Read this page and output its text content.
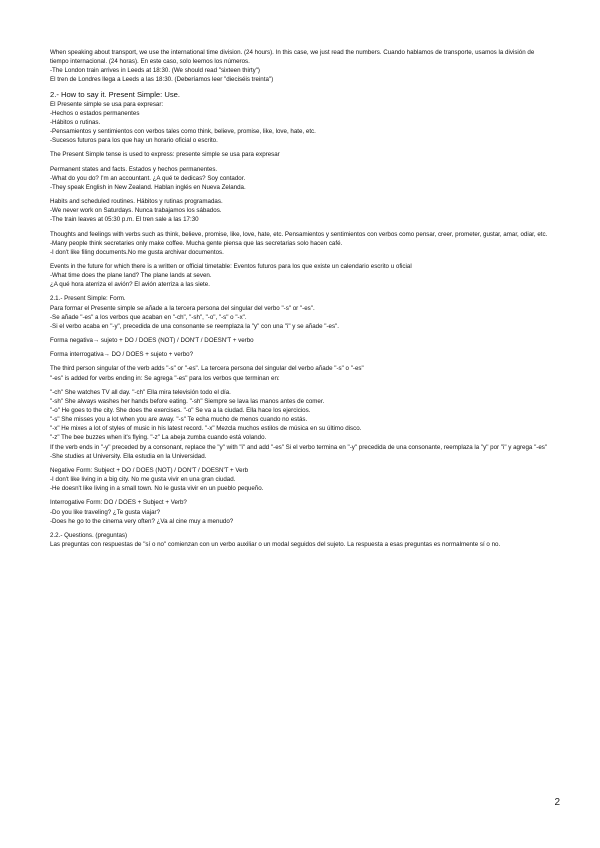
When speaking about transport, we use the international time division. (24 hours). In this case, we just read the numbers. Cuando hablamos de transporte, usamos la división de tiempo internacional. (24 horas). En este caso, solo leemos los números.
-The London train arrives in Leeds at 18:30. (We should read "sixteen thirty")
El tren de Londres llega a Leeds a las 18:30. (Deberíamos leer "dieciséis treinta")
2.- How to say it. Present Simple: Use.
El Presente simple se usa para expresar:
-Hechos o estados permanentes
-Hábitos o rutinas.
-Pensamientos y sentimientos con verbos tales como think, believe, promise, like, love, hate, etc.
-Sucesos futuros para los que hay un horario oficial o escrito.
The Present Simple tense is used to express: presente simple se usa para expresar
Permanent states and facts. Estados y hechos permanentes.
-What do you do? I'm an accountant. ¿A qué te dedicas? Soy contador.
-They speak English in New Zealand. Hablan inglés en Nueva Zelanda.
Habits and scheduled routines. Hábitos y rutinas programadas.
-We never work on Saturdays. Nunca trabajamos los sábados.
-The train leaves at 05:30 p.m. El tren sale a las 17:30
Thoughts and feelings with verbs such as think, believe, promise, like, love, hate, etc. Pensamientos y sentimientos con verbos como pensar, creer, prometer, gustar, amar, odiar, etc.
-Many people think secretaries only make coffee. Mucha gente piensa que las secretarias solo hacen café.
-I don't like filing documents.No me gusta archivar documentos.
Events in the future for which there is a written or official timetable: Eventos futuros para los que existe un calendario escrito u oficial
-What time does the plane land? The plane lands at seven.
¿A qué hora aterriza el avión? El avión aterriza a las siete.
2.1.- Present Simple: Form.
Para formar el Presente simple se añade a la tercera persona del singular del verbo "-s" or "-es".
-Se añade "-es" a los verbos que acaban en "-ch", "-sh", "-o", "-s" o "-x".
-Si el verbo acaba en "-y", precedida de una consonante se reemplaza la "y" con una "i" y se añade "-es".
Forma negativa→ sujeto + DO / DOES (NOT) / DON'T / DOESN'T + verbo
Forma interrogativa→ DO / DOES + sujeto + verbo?
The third person singular of the verb adds "-s" or "-es". La tercera persona del singular del verbo añade "-s" o "-es"
"-es" is added for verbs ending in: Se agrega "-es" para los verbos que terminan en:
"-ch" She watches TV all day. "-ch" Ella mira televisión todo el día.
"-sh" She always washes her hands before eating. "-sh" Siempre se lava las manos antes de comer.
"-o" He goes to the city. She does the exercises. "-o" Se va a la ciudad. Ella hace los ejercicios.
"-s" She misses you a lot when you are away. "-s" Te echa mucho de menos cuando no estás.
"-x" He mixes a lot of styles of music in his latest record. "-x" Mezcla muchos estilos de música en su último disco.
"-z" The bee buzzes when it's flying. "-z" La abeja zumba cuando está volando.
If the verb ends in "-y" preceded by a consonant, replace the "y" with "i" and add "-es" Si el verbo termina en "-y" precedida de una consonante, reemplaza la "y" por "i" y agrega "-es"
-She studies at University. Ella estudia en la Universidad.
Negative Form: Subject + DO / DOES (NOT) / DON'T / DOESN'T + Verb
-I don't like living in a big city. No me gusta vivir en una gran ciudad.
-He doesn't like living in a small town. No le gusta vivir en un pueblo pequeño.
Interrogative Form: DO / DOES + Subject + Verb?
-Do you like traveling? ¿Te gusta viajar?
-Does he go to the cinema very often? ¿Va al cine muy a menudo?
2.2.- Questions. (preguntas)
Las preguntas con respuestas de "sí o no" comienzan con un verbo auxiliar o un modal seguidos del sujeto. La respuesta a esas preguntas es normalmente sí o no.
2
